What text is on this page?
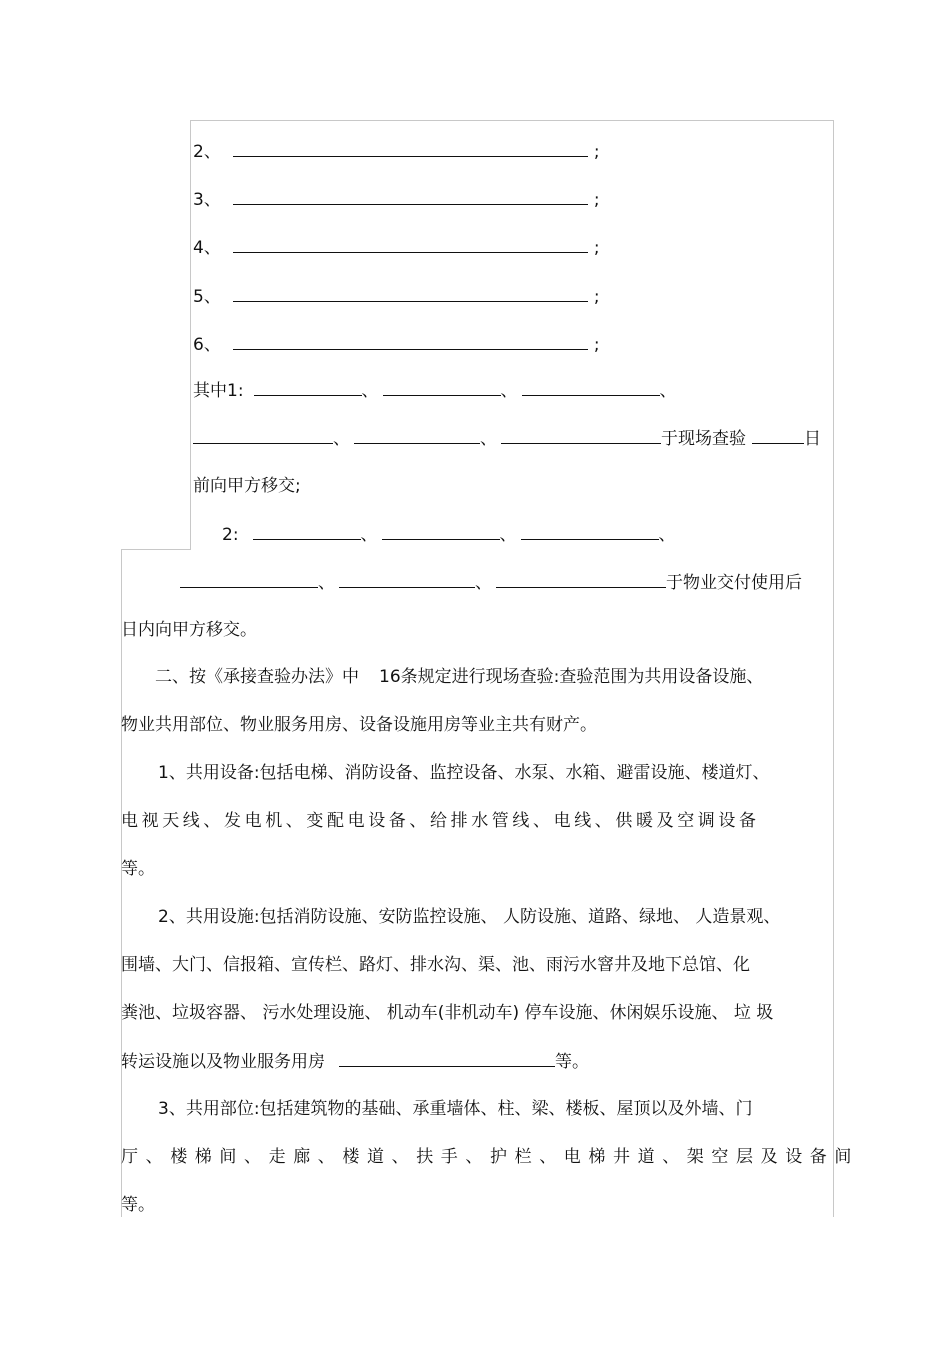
2、	;
3、	;
4、	;
5、	;
6、	;
其中1:	、	、	、
、	、	于现场查验	日
前向甲方移交;
2:	、	、	、
、	、	于物业交付使用后
日内向甲方移交。
二、按《承接查验办法》中 16条规定进行现场查验:查验范围为共用设备设施、
物业共用部位、物业服务用房、设备设施用房等业主共有财产。
1、共用设备:包括电梯、消防设备、监控设备、水泵、水箱、避雷设施、楼道灯、
电视天线、发电机、变配电设备、给排水管线、电线、供暖及空调设备
等。
2、共用设施:包括消防设施、安防监控设施、 人防设施、道路、绿地、 人造景观、
围墙、大门、信报箱、宣传栏、路灯、排水沟、渠、池、雨污水窨井及地下总馆、化
粪池、垃圾容器、 污水处理设施、 机动车(非机动车) 停车设施、休闲娱乐设施、 垃 圾
转运设施以及物业服务用房	等。
3、共用部位:包括建筑物的基础、承重墙体、柱、梁、楼板、屋顶以及外墙、门
厅、楼梯间、走廊、楼道、扶手、护栏、电梯井道、架空层及设备间
等。
